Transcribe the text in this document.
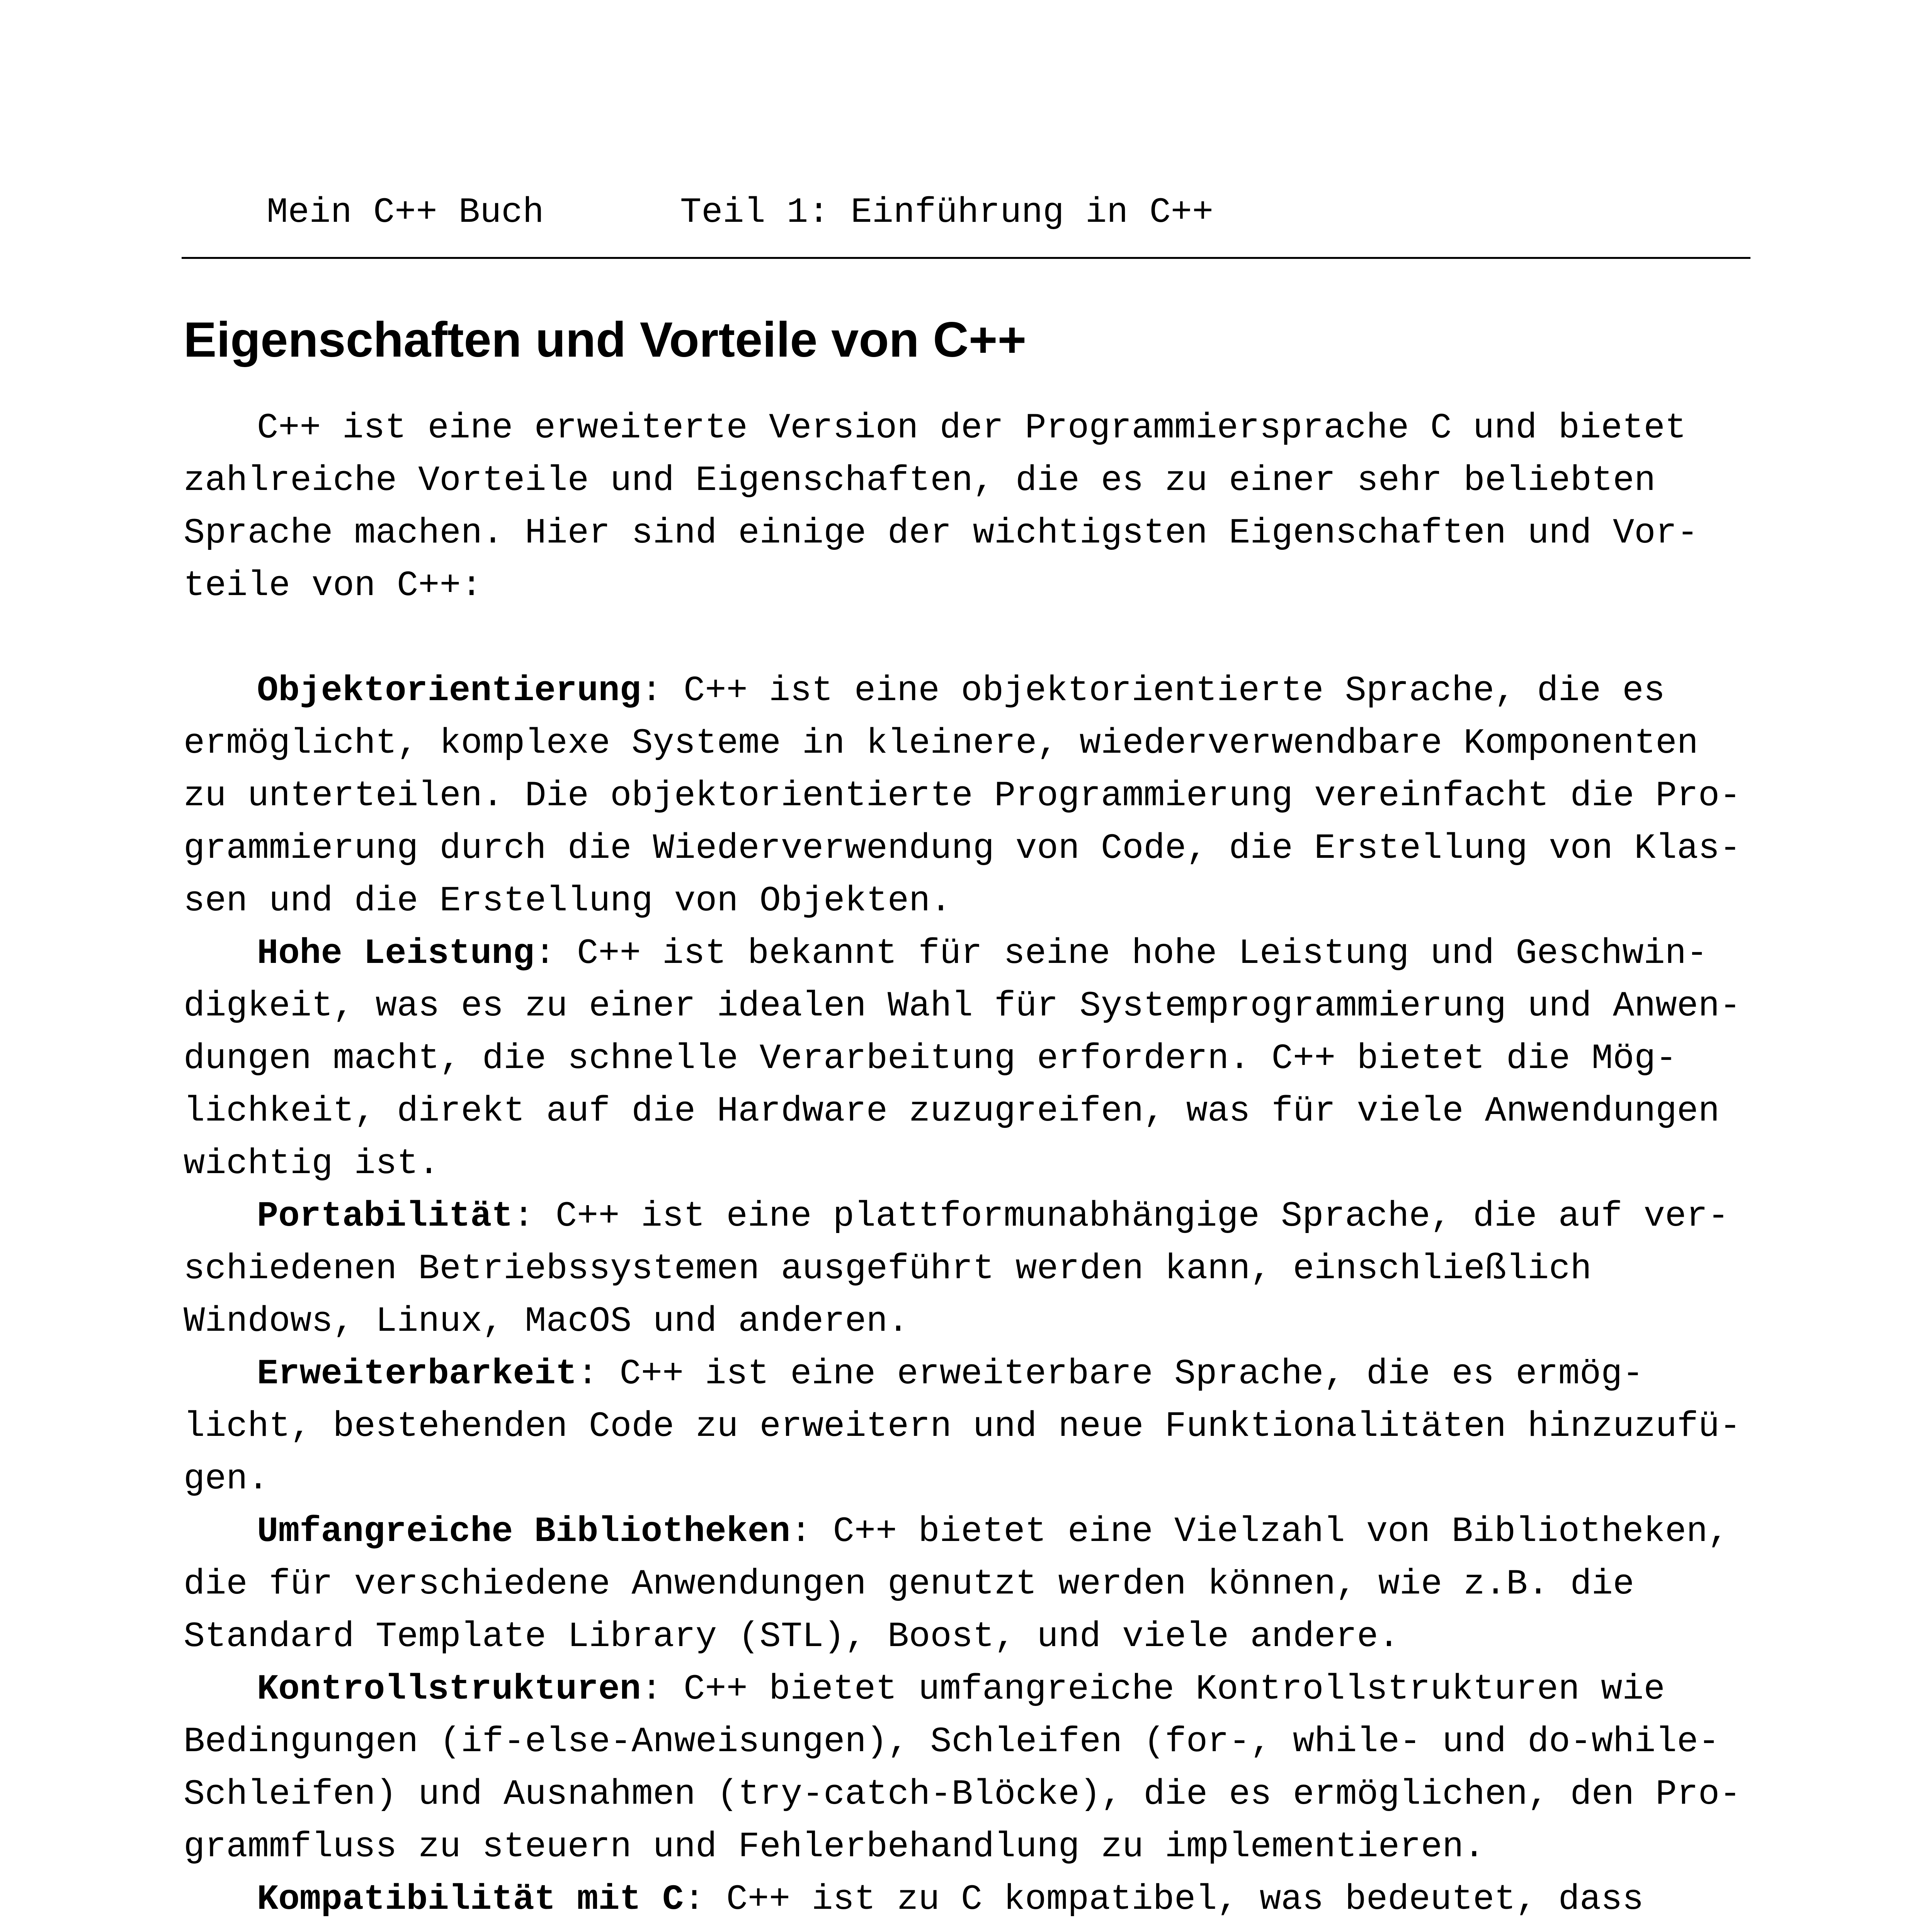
Mein C++ Buch	Teil 1: Einführung in C++
Eigenschaften und Vorteile von C++
C++ ist eine erweiterte Version der Programmiersprache C und bietet
zahlreiche Vorteile und Eigenschaften, die es zu einer sehr beliebten
Sprache machen. Hier sind einige der wichtigsten Eigenschaften und Vor-
teile von C++:
Objektorientierung: C++ ist eine objektorientierte Sprache, die es
ermöglicht, komplexe Systeme in kleinere, wiederverwendbare Komponenten
zu unterteilen. Die objektorientierte Programmierung vereinfacht die Pro-
grammierung durch die Wiederverwendung von Code, die Erstellung von Klas-
sen und die Erstellung von Objekten.
Hohe Leistung: C++ ist bekannt für seine hohe Leistung und Geschwin-
digkeit, was es zu einer idealen Wahl für Systemprogrammierung und Anwen-
dungen macht, die schnelle Verarbeitung erfordern. C++ bietet die Mög-
lichkeit, direkt auf die Hardware zuzugreifen, was für viele Anwendungen
wichtig ist.
Portabilität: C++ ist eine plattformunabhängige Sprache, die auf ver-
schiedenen Betriebssystemen ausgeführt werden kann, einschließlich
Windows, Linux, MacOS und anderen.
Erweiterbarkeit: C++ ist eine erweiterbare Sprache, die es ermög-
licht, bestehenden Code zu erweitern und neue Funktionalitäten hinzuzufü-
gen.
Umfangreiche Bibliotheken: C++ bietet eine Vielzahl von Bibliotheken,
die für verschiedene Anwendungen genutzt werden können, wie z.B. die
Standard Template Library (STL), Boost, und viele andere.
Kontrollstrukturen: C++ bietet umfangreiche Kontrollstrukturen wie
Bedingungen (if-else-Anweisungen), Schleifen (for-, while- und do-while-
Schleifen) und Ausnahmen (try-catch-Blöcke), die es ermöglichen, den Pro-
grammfluss zu steuern und Fehlerbehandlung zu implementieren.
Kompatibilität mit C: C++ ist zu C kompatibel, was bedeutet, dass
